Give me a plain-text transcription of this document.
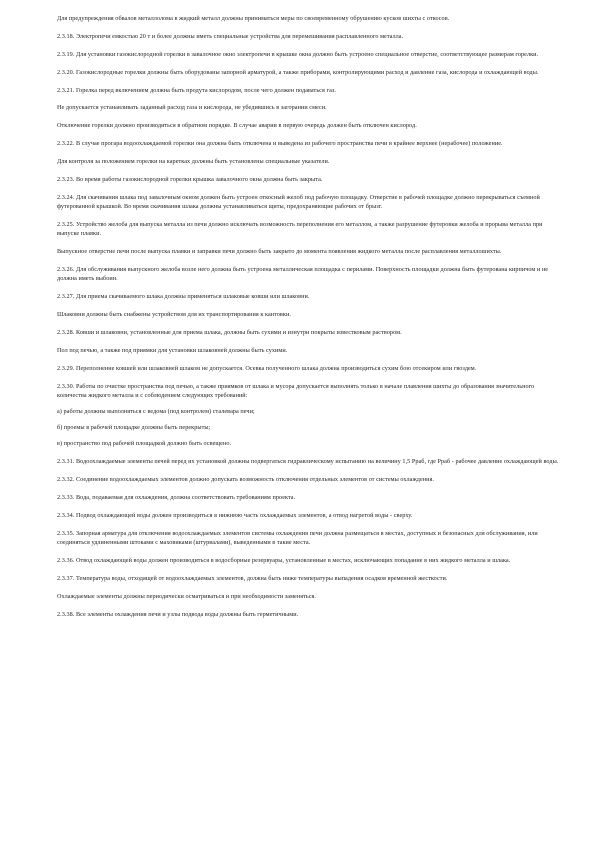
Для предупреждения обвалов металлолома в жидкий металл должны приниматься меры по своевременному обрушению кусков шихты с откосов.

2.3.18. Электропечи емкостью 20 т и более должны иметь специальные устройства для перемешивания расплавленного металла.

2.3.19. Для установки газокислородной горелки в завалочное окно электропечи в крышке окна должно быть устроено специальное отверстие, соответствующее размерам горелки.

2.3.20. Газокислородные горелки должны быть оборудованы запорной арматурой, а также приборами, контролирующими расход и давление газа, кислорода и охлаждающей воды.

2.3.21. Горелка перед включением должна быть продута кислородом, после чего должен подаваться газ.

Не допускается устанавливать заданный расход газа и кислорода, не убедившись в загорании смеси.

Отключение горелки должно производиться в обратном порядке. В случае аварии в первую очередь должен быть отключен кислород.

2.3.22. В случае прогара водоохлаждаемой горелки она должна быть отключена и выведена из рабочего пространства печи в крайнее верхнее (нерабочее) положение.

Для контроля за положением горелки на каретках должны быть установлены специальные указатели.

2.3.23. Во время работы газокислородной горелки крышка завалочного окна должна быть закрыта.

2.3.24. Для скачивания шлака под завалочным окном должен быть устроен откосный желоб под рабочую площадку. Отверстие в рабочей площадке должно перекрываться съемной футерованной крышкой. Во время скачивания шлака должны устанавливаться щиты, предохраняющие рабочих от брызг.

2.3.25. Устройство желоба для выпуска металла из печи должно исключать возможность переполнения его металлом, а также разрушение футеровки желоба и прорыва металла при выпуске плавки.

Выпускное отверстие печи после выпуска плавки и заправки печи должно быть закрыто до момента появления жидкого металла после расплавления металлошихты.

2.3.26. Для обслуживания выпускного желоба возле него должна быть устроена металлическая площадка с перилами. Поверхность площадки должна быть футерована кирпичом и не должна иметь выбоин.

2.3.27. Для приема скачиваемого шлака должны применяться шлаковые ковши или шлаковни.

Шлаковни должны быть снабжены устройством для их транспортирования к кантовки.

2.3.28. Ковши и шлаковни, установленные для приема шлака, должны быть сухими и изнутри покрыты известковым раствором.

Пол под печью, а также под приямки для установки шлаковней должны быть сухими.

2.3.29. Переполнение ковшей или шлаковней шлаком не допускается. Осевка полученного шлака должна производиться сухим бою отсекиром или гвоздем.

2.3.30. Работы по очистке пространства под печью, а также приямков от шлака и мусора допускается выполнять только в начале плавления шихты до образования значительного количества жидкого металла и с соблюдением следующих требований:

а) работы должны выполняться с ведома (под контролем) сталевара печи;

б) проемы в рабочей площадке должны быть перекрыты;

в) пространство под рабочей площадкой должно быть освещено.

2.3.31. Водоохлаждаемые элементы печей перед их установкой должны подвергаться гидравлическому испытанию на величину 1,5 Рраб, где Рраб - рабочее давление охлаждающей воды.

2.3.32. Соединение водоохлаждаемых элементов должно допускать возможность отключения отдельных элементов от системы охлаждения.

2.3.33. Вода, подаваемая для охлаждения, должна соответствовать требованиям проекта.

2.3.34. Подвод охлаждающей воды должен производиться в нижнюю часть охлаждаемых элементов, а отвод нагретой воды - сверху.

2.3.35. Запорная арматура для отключения водоохлаждаемых элементов системы охлаждения печи должна размещаться в местах, доступных и безопасных для обслуживания, или соединяться удлиненными штоками с маховиками (штурвалами), выведенными в такие места.

2.3.36. Отвод охлаждающей воды должен производиться в водосборные резервуары, установленные в местах, исключающих попадание в них жидкого металла и шлака.

2.3.37. Температура воды, отходящей от водоохлаждаемых элементов, должна быть ниже температуры выпадения осадков временной жесткости.

Охлаждаемые элементы должны периодически осматриваться и при необходимости заменяться.

2.3.38. Все элементы охлаждения печи и узлы подвода воды должны быть герметичными.
